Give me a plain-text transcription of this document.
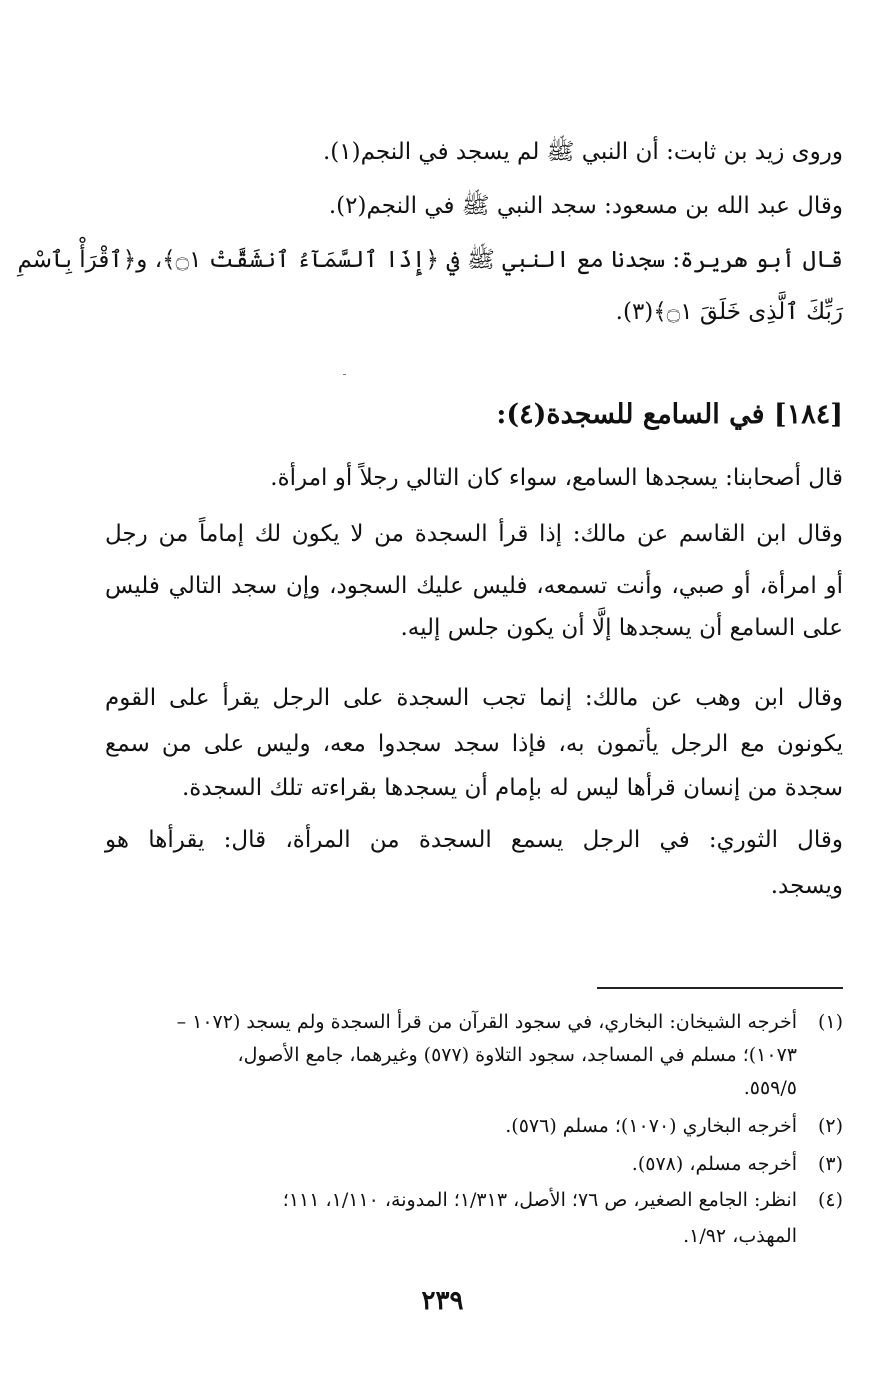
وروى زيد بن ثابت: أن النبي ﷺ لم يسجد في النجم(١).
وقال عبد الله بن مسعود: سجد النبي ﷺ في النجم(٢).
قال أبو هريرة: سجدنا مع النبي ﷺ في ﴿إِذَا ٱلسَّمَآءُ ٱنشَقَّتْ ۝١﴾، و﴿ٱقْرَأْ بِٱسْمِ
رَبِّكَ ٱلَّذِى خَلَقَ ۝١﴾(٣).
[١٨٤] في السامع للسجدة(٤):
قال أصحابنا: يسجدها السامع، سواء كان التالي رجلاً أو امرأة.
وقال ابن القاسم عن مالك: إذا قرأ السجدة من لا يكون لك إماماً من رجل
أو امرأة، أو صبي، وأنت تسمعه، فليس عليك السجود، وإن سجد التالي فليس
على السامع أن يسجدها إلَّا أن يكون جلس إليه.
وقال ابن وهب عن مالك: إنما تجب السجدة على الرجل يقرأ على القوم
يكونون مع الرجل يأتمون به، فإذا سجد سجدوا معه، وليس على من سمع
سجدة من إنسان قرأها ليس له بإمام أن يسجدها بقراءته تلك السجدة.
وقال الثوري: في الرجل يسمع السجدة من المرأة، قال: يقرأها هو
ويسجد.
(١)أخرجه الشيخان: البخاري، في سجود القرآن من قرأ السجدة ولم يسجد (١٠٧٢ –
١٠٧٣)؛ مسلم في المساجد، سجود التلاوة (٥٧٧) وغيرهما، جامع الأصول،
٥٥٩/٥.
(٢)أخرجه البخاري (١٠٧٠)؛ مسلم (٥٧٦).
(٣)أخرجه مسلم، (٥٧٨).
(٤)انظر: الجامع الصغير، ص ٧٦؛ الأصل، ١/٣١٣؛ المدونة، ١/١١٠، ١١١؛
المهذب، ١/٩٢.
٢٣٩
